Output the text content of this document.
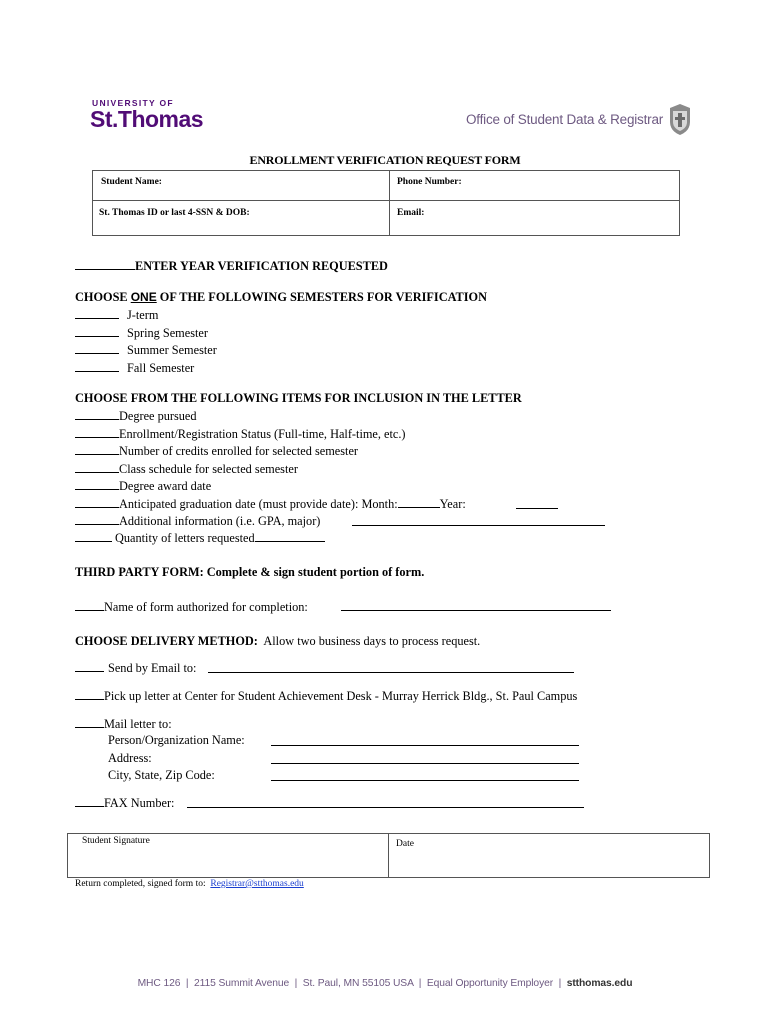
UNIVERSITY OF
St.Thomas	Office of Student Data & Registrar
ENROLLMENT VERIFICATION REQUEST FORM
Student Name:	Phone Number:
St. Thomas ID or last 4-SSN & DOB:	Email:
ENTER YEAR VERIFICATION REQUESTED
CHOOSE ONE OF THE FOLLOWING SEMESTERS FOR VERIFICATION
J-term
Spring Semester
Summer Semester
Fall Semester
CHOOSE FROM THE FOLLOWING ITEMS FOR INCLUSION IN THE LETTER
Degree pursued
Enrollment/Registration Status (Full-time, Half-time, etc.)
Number of credits enrolled for selected semester
Class schedule for selected semester
Degree award date
Anticipated graduation date (must provide date): Month:	Year:
Additional information (i.e. GPA, major)
Quantity of letters requested
THIRD PARTY FORM: Complete & sign student portion of form.
Name of form authorized for completion:
CHOOSE DELIVERY METHOD:  Allow two business days to process request.
Send by Email to:
Pick up letter at Center for Student Achievement Desk - Murray Herrick Bldg., St. Paul Campus
Mail letter to:
Person/Organization Name:
Address:
City, State, Zip Code:
FAX Number:
Student Signature	Date
Return completed, signed form to:  Registrar@stthomas.edu
MHC 126  |  2115 Summit Avenue  |  St. Paul, MN 55105 USA  |  Equal Opportunity Employer  |  stthomas.edu
